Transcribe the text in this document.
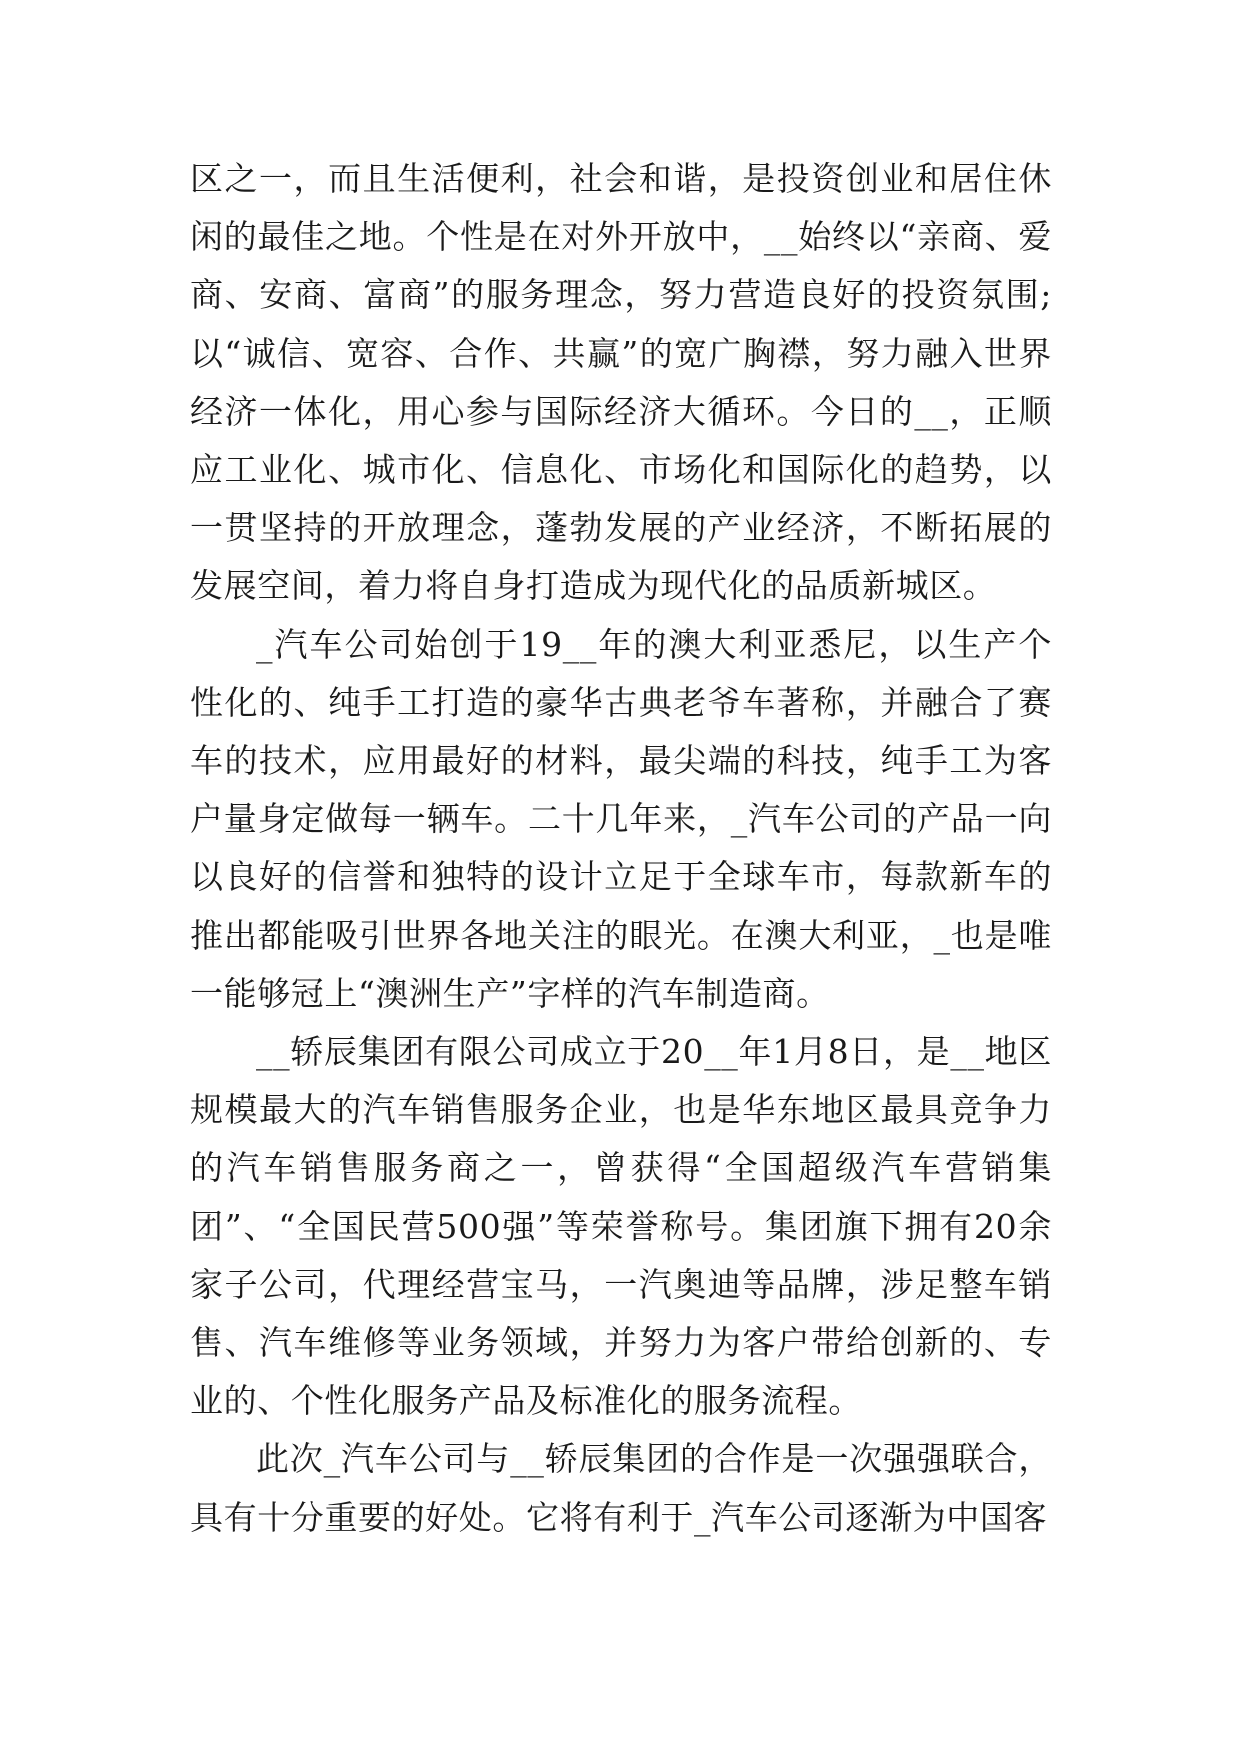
区之一，而且生活便利，社会和谐，是投资创业和居住休闲的最佳之地。个性是在对外开放中，__始终以“亲商、爱商、安商、富商”的服务理念，努力营造良好的投资氛围;以“诚信、宽容、合作、共赢”的宽广胸襟，努力融入世界经济一体化，用心参与国际经济大循环。今日的__，正顺应工业化、城市化、信息化、市场化和国际化的趋势，以一贯坚持的开放理念，蓬勃发展的产业经济，不断拓展的发展空间，着力将自身打造成为现代化的品质新城区。

_汽车公司始创于19__年的澳大利亚悉尼，以生产个性化的、纯手工打造的豪华古典老爷车著称，并融合了赛车的技术，应用最好的材料，最尖端的科技，纯手工为客户量身定做每一辆车。二十几年来，_汽车公司的产品一向以良好的信誉和独特的设计立足于全球车市，每款新车的推出都能吸引世界各地关注的眼光。在澳大利亚，_也是唯一能够冠上“澳洲生产”字样的汽车制造商。

__轿辰集团有限公司成立于20__年1月8日，是__地区规模最大的汽车销售服务企业，也是华东地区最具竞争力的汽车销售服务商之一，曾获得“全国超级汽车营销集团”、“全国民营500强”等荣誉称号。集团旗下拥有20余家子公司，代理经营宝马，一汽奥迪等品牌，涉足整车销售、汽车维修等业务领域，并努力为客户带给创新的、专业的、个性化服务产品及标准化的服务流程。

此次_汽车公司与__轿辰集团的合作是一次强强联合，具有十分重要的好处。它将有利于_汽车公司逐渐为中国客
